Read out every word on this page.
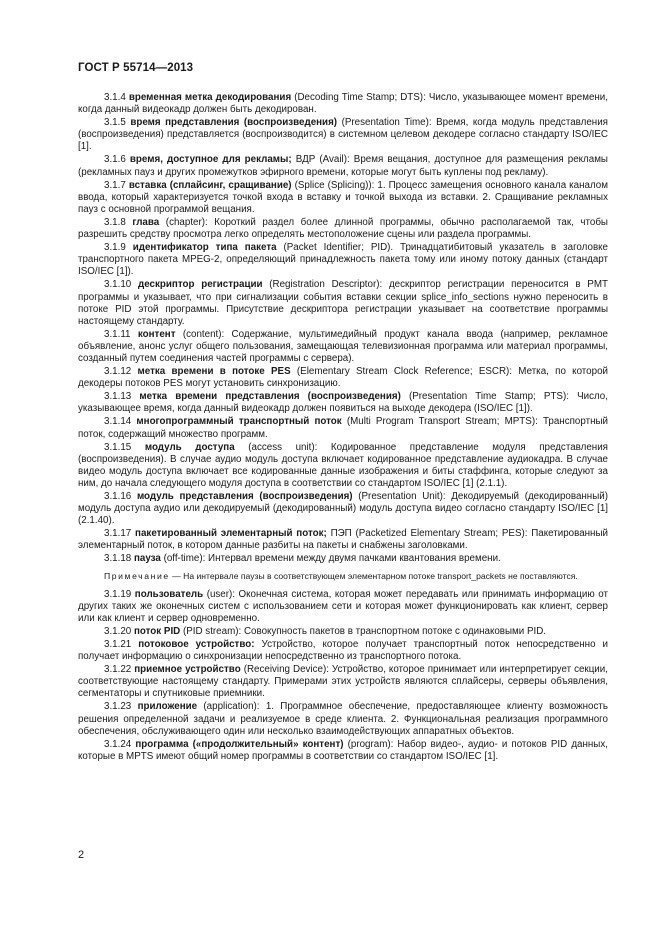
ГОСТ Р 55714—2013

3.1.4 временная метка декодирования (Decoding Time Stamp; DTS): Число, указывающее момент времени, когда данный видеокадр должен быть декодирован.

3.1.5 время представления (воспроизведения) (Presentation Time): Время, когда модуль представления (воспроизведения) представляется (воспроизводится) в системном целевом декодере согласно стандарту ISO/IEC [1].

3.1.6 время, доступное для рекламы; ВДР (Avail): Время вещания, доступное для размещения рекламы (рекламных пауз и других промежутков эфирного времени, которые могут быть куплены под рекламу).

3.1.7 вставка (сплайсинг, сращивание) (Splice (Splicing)): 1. Процесс замещения основного канала каналом ввода, который характеризуется точкой входа в вставку и точкой выхода из вставки. 2. Сращивание рекламных пауз с основной программой вещания.

3.1.8 глава (chapter): Короткий раздел более длинной программы, обычно располагаемой так, чтобы разрешить средству просмотра легко определять местоположение сцены или раздела программы.

3.1.9 идентификатор типа пакета (Packet Identifier; PID). Тринадцатибитовый указатель в заголовке транспортного пакета MPEG-2, определяющий принадлежность пакета тому или иному потоку данных (стандарт ISO/IEC [1]).

3.1.10 дескриптор регистрации (Registration Descriptor): дескриптор регистрации переносится в PMT программы и указывает, что при сигнализации события вставки секции splice_info_sections нужно переносить в потоке PID этой программы. Присутствие дескриптора регистрации указывает на соответствие программы настоящему стандарту.

3.1.11 контент (content): Содержание, мультимедийный продукт канала ввода (например, рекламное объявление, анонс услуг общего пользования, замещающая телевизионная программа или материал программы, созданный путем соединения частей программы с сервера).

3.1.12 метка времени в потоке PES (Elementary Stream Clock Reference; ESCR): Метка, по которой декодеры потоков PES могут установить синхронизацию.

3.1.13 метка времени представления (воспроизведения) (Presentation Time Stamp; PTS): Число, указывающее время, когда данный видеокадр должен появиться на выходе декодера (ISO/IEC [1]).

3.1.14 многопрограммный транспортный поток (Multi Program Transport Stream; MPTS): Транспортный поток, содержащий множество программ.

3.1.15 модуль доступа (access unit): Кодированное представление модуля представления (воспроизведения). В случае аудио модуль доступа включает кодированное представление аудиокадра. В случае видео модуль доступа включает все кодированные данные изображения и биты стаффинга, которые следуют за ним, до начала следующего модуля доступа в соответствии со стандартом ISO/IEC [1] (2.1.1).

3.1.16 модуль представления (воспроизведения) (Presentation Unit): Декодируемый (декодированный) модуль доступа аудио или декодируемый (декодированный) модуль доступа видео согласно стандарту ISO/IEC [1] (2.1.40).

3.1.17 пакетированный элементарный поток; ПЭП (Packetized Elementary Stream; PES): Пакетированный элементарный поток, в котором данные разбиты на пакеты и снабжены заголовками.

3.1.18 пауза (off-time): Интервал времени между двумя пачками квантования времени.

Примечание — На интервале паузы в соответствующем элементарном потоке transport_packets не поставляются.

3.1.19 пользователь (user): Оконечная система, которая может передавать или принимать информацию от других таких же оконечных систем с использованием сети и которая может функционировать как клиент, сервер или как клиент и сервер одновременно.

3.1.20 поток PID (PID stream): Совокупность пакетов в транспортном потоке с одинаковыми PID.

3.1.21 потоковое устройство: Устройство, которое получает транспортный поток непосредственно и получает информацию о синхронизации непосредственно из транспортного потока.

3.1.22 приемное устройство (Receiving Device): Устройство, которое принимает или интерпретирует секции, соответствующие настоящему стандарту. Примерами этих устройств являются сплайсеры, серверы объявления, сегментаторы и спутниковые приемники.

3.1.23 приложение (application): 1. Программное обеспечение, предоставляющее клиенту возможность решения определенной задачи и реализуемое в среде клиента. 2. Функциональная реализация программного обеспечения, обслуживающего один или несколько взаимодействующих аппаратных объектов.

3.1.24 программа («продолжительный» контент) (program): Набор видео-, аудио- и потоков PID данных, которые в MPTS имеют общий номер программы в соответствии со стандартом ISO/IEC [1].

2
